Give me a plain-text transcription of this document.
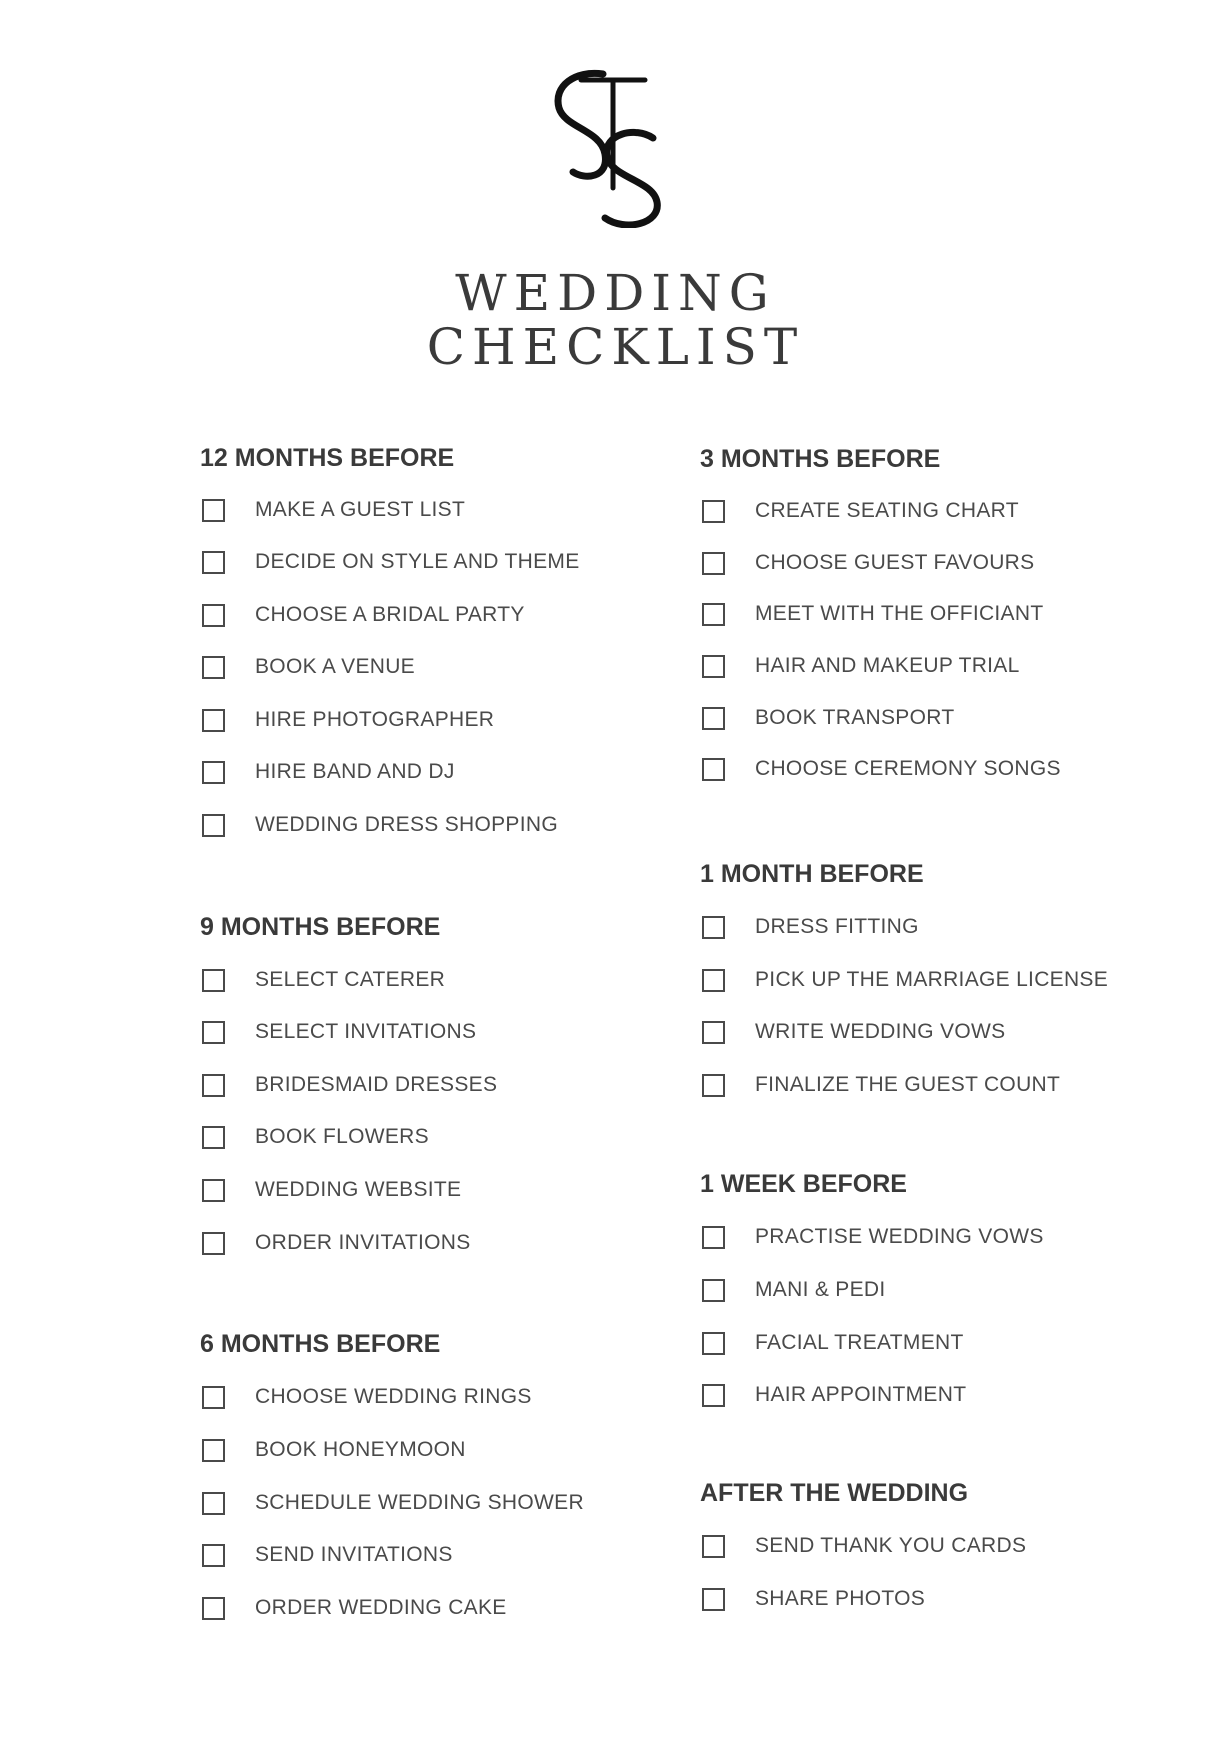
WEDDING
CHECKLIST
12 MONTHS BEFORE
MAKE A GUEST LIST
DECIDE ON STYLE AND THEME
CHOOSE A BRIDAL PARTY
BOOK A VENUE
HIRE PHOTOGRAPHER
HIRE BAND AND DJ
WEDDING DRESS SHOPPING
9 MONTHS BEFORE
SELECT CATERER
SELECT INVITATIONS
BRIDESMAID DRESSES
BOOK FLOWERS
WEDDING WEBSITE
ORDER INVITATIONS
6 MONTHS BEFORE
CHOOSE WEDDING RINGS
BOOK HONEYMOON
SCHEDULE WEDDING SHOWER
SEND INVITATIONS
ORDER WEDDING CAKE
3 MONTHS BEFORE
CREATE SEATING CHART
CHOOSE GUEST FAVOURS
MEET WITH THE OFFICIANT
HAIR AND MAKEUP TRIAL
BOOK TRANSPORT
CHOOSE CEREMONY SONGS
1 MONTH BEFORE
DRESS FITTING
PICK UP THE MARRIAGE LICENSE
WRITE WEDDING VOWS
FINALIZE THE GUEST COUNT
1 WEEK BEFORE
PRACTISE WEDDING VOWS
MANI & PEDI
FACIAL TREATMENT
HAIR APPOINTMENT
AFTER THE WEDDING
SEND THANK YOU CARDS
SHARE PHOTOS
